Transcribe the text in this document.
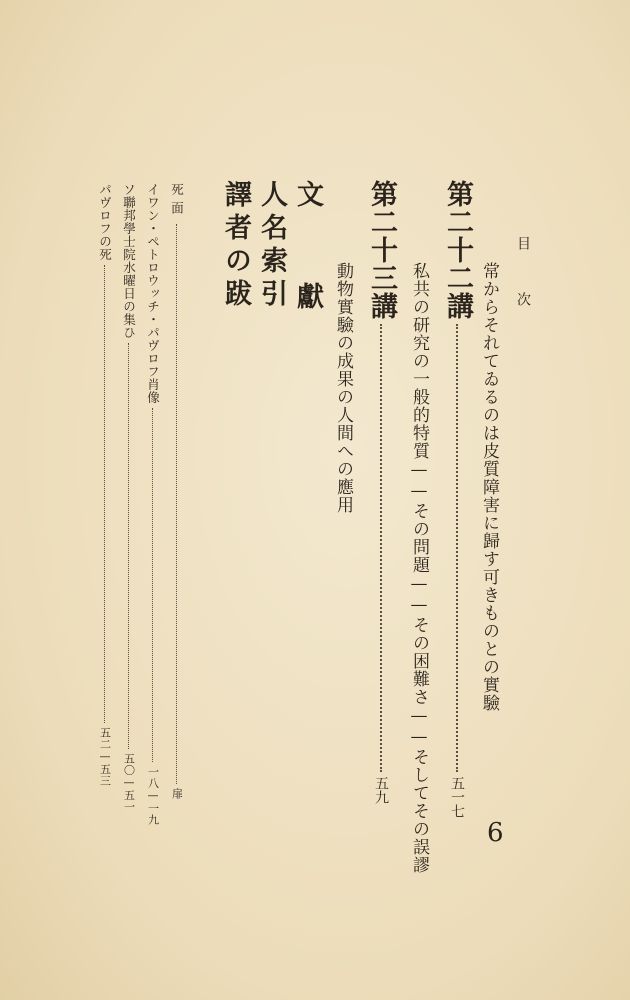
目　次
常からそれてゐるのは皮質障害に歸す可きものとの實驗
第二十二講五一七
私共の研究の一般的特質——その問題——その困難さ——そしてその誤謬
第二十三講五九
動物實驗の成果の人間への應用
文　獻
人名索引
譯者の跋
死面扉
イワン・ペトロウッチ・パヴロフ肖像一八—一九
ソ聯邦學士院水曜日の集ひ五〇—五一
パヴロフの死五二—五三
6
